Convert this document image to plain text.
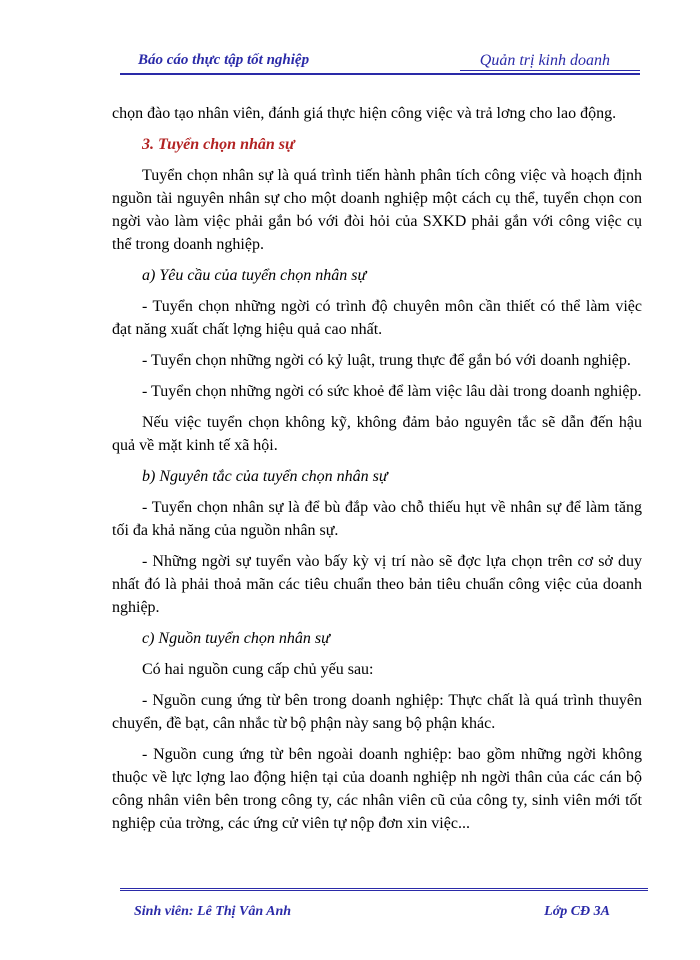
Báo cáo thực tập tốt nghiệp	Quản trị kinh doanh

chọn đào tạo nhân viên, đánh giá thực hiện công việc và trả lơng cho lao động.

3. Tuyển chọn nhân sự

Tuyển chọn nhân sự là quá trình tiến hành phân tích công việc và hoạch định nguồn tài nguyên nhân sự cho một doanh nghiệp một cách cụ thể, tuyển chọn con ngời vào làm việc phải gắn bó với đòi hỏi của SXKD phải gắn với công việc cụ thể trong doanh nghiệp.

a) Yêu cầu của tuyển chọn nhân sự

- Tuyển chọn những ngời có trình độ chuyên môn cần thiết có thể làm việc đạt năng xuất chất lợng hiệu quả cao nhất.

- Tuyển chọn những ngời có kỷ luật, trung thực để gắn bó với doanh nghiệp.

- Tuyển chọn những ngời có sức khoẻ để làm việc lâu dài trong doanh nghiệp.

Nếu việc tuyển chọn không kỹ, không đảm bảo nguyên tắc sẽ dẫn đến hậu quả về mặt kinh tế xã hội.

b) Nguyên tắc của tuyển chọn nhân sự

- Tuyển chọn nhân sự là để bù đắp vào chỗ thiếu hụt về nhân sự để làm tăng tối đa khả năng của nguồn nhân sự.

- Những ngời sự tuyển vào bấy kỳ vị trí nào sẽ đợc lựa chọn trên cơ sở duy nhất đó là phải thoả mãn các tiêu chuẩn theo bản tiêu chuẩn công việc của doanh nghiệp.

c) Nguồn tuyển chọn nhân sự

Có hai nguồn cung cấp chủ yếu sau:

- Nguồn cung ứng từ bên trong doanh nghiệp: Thực chất là quá trình thuyên chuyển, đề bạt, cân nhắc từ bộ phận này sang bộ phận khác.

- Nguồn cung ứng từ bên ngoài doanh nghiệp: bao gồm những ngời không thuộc về lực lợng lao động hiện tại của doanh nghiệp nh ngời thân của các cán bộ công nhân viên bên trong công ty, các nhân viên cũ của công ty, sinh viên mới tốt nghiệp của trờng, các ứng cử viên tự nộp đơn xin việc...

Sinh viên: Lê Thị Vân Anh	Lớp CĐ 3A
